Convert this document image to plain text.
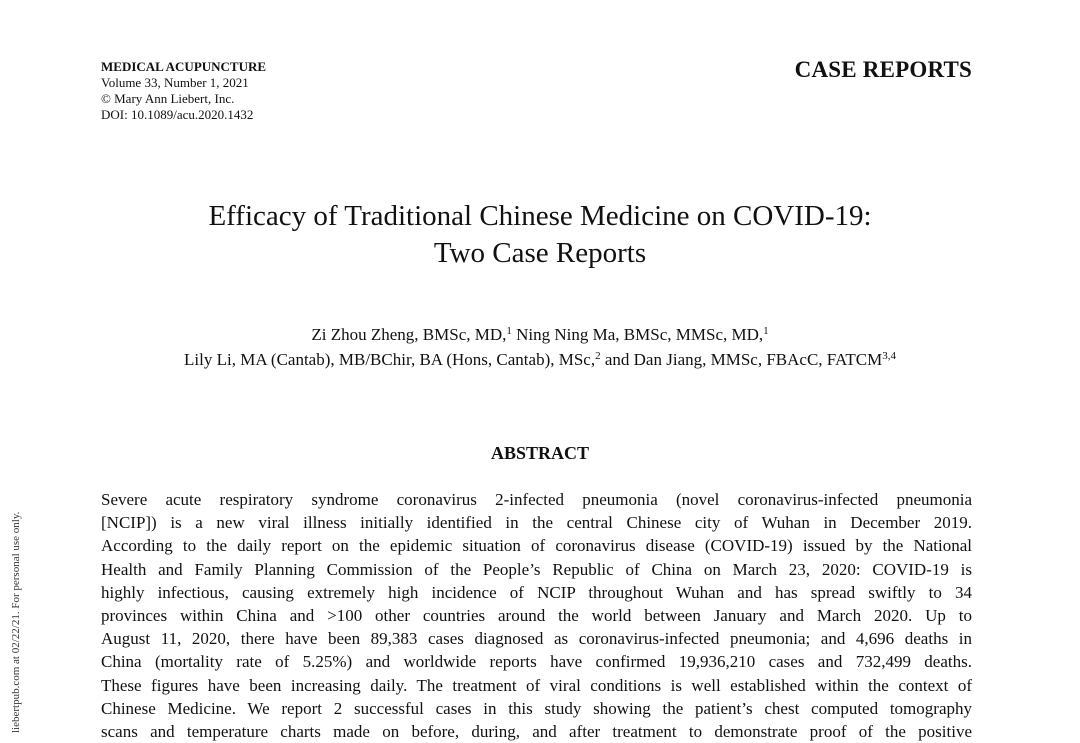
MEDICAL ACUPUNCTURE
Volume 33, Number 1, 2021
© Mary Ann Liebert, Inc.
DOI: 10.1089/acu.2020.1432
CASE REPORTS
Efficacy of Traditional Chinese Medicine on COVID-19:
Two Case Reports
Zi Zhou Zheng, BMSc, MD,$^1$ Ning Ning Ma, BMSc, MMSc, MD,$^1$
Lily Li, MA (Cantab), MB/BChir, BA (Hons, Cantab), MSc,$^2$ and Dan Jiang, MMSc, FBAcC, FATCM$^{3,4}$
ABSTRACT
Severe acute respiratory syndrome coronavirus 2-infected pneumonia (novel coronavirus-infected pneumonia
[NCIP]) is a new viral illness initially identified in the central Chinese city of Wuhan in December 2019.
According to the daily report on the epidemic situation of coronavirus disease (COVID-19) issued by the National
Health and Family Planning Commission of the People’s Republic of China on March 23, 2020: COVID-19 is
highly infectious, causing extremely high incidence of NCIP throughout Wuhan and has spread swiftly to 34
provinces within China and >100 other countries around the world between January and March 2020. Up to
August 11, 2020, there have been 89,383 cases diagnosed as coronavirus-infected pneumonia; and 4,696 deaths in
China (mortality rate of 5.25%) and worldwide reports have confirmed 19,936,210 cases and 732,499 deaths.
These figures have been increasing daily. The treatment of viral conditions is well established within the context of
Chinese Medicine. We report 2 successful cases in this study showing the patient’s chest computed tomography
scans and temperature charts made on before, during, and after treatment to demonstrate proof of the positive
liebertpub.com at 02/22/21. For personal use only.
